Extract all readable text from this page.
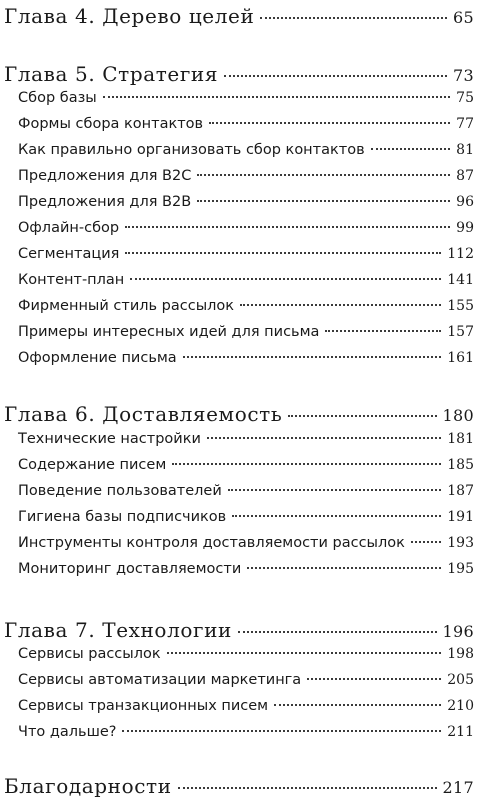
Глава 4. Дерево целей	65
Глава 5. Стратегия	73
Сбор базы	75
Формы сбора контактов	77
Как правильно организовать сбор контактов	81
Предложения для B2C	87
Предложения для B2B	96
Офлайн-сбор	99
Сегментация	112
Контент-план	141
Фирменный стиль рассылок	155
Примеры интересных идей для письма	157
Оформление письма	161
Глава 6. Доставляемость	180
Технические настройки	181
Содержание писем	185
Поведение пользователей	187
Гигиена базы подписчиков	191
Инструменты контроля доставляемости рассылок	193
Мониторинг доставляемости	195
Глава 7. Технологии	196
Сервисы рассылок	198
Сервисы автоматизации маркетинга	205
Сервисы транзакционных писем	210
Что дальше?	211
Благодарности	217
